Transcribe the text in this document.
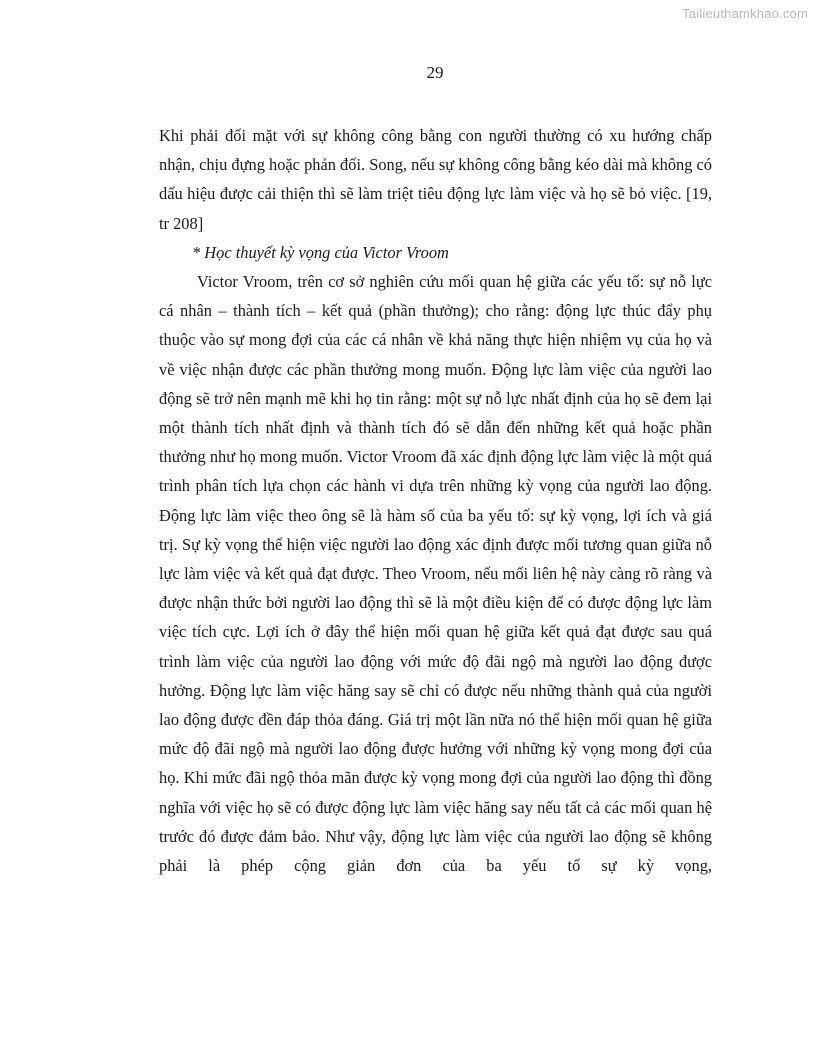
Tailieuthamkhao.com
29

Khi phải đối mặt với sự không công bằng con người thường có xu hướng chấp nhận, chịu đựng hoặc phản đối. Song, nếu sự không công bằng kéo dài mà không có dấu hiệu được cải thiện thì sẽ làm triệt tiêu động lực làm việc và họ sẽ bỏ việc. [19, tr 208]

* Học thuyết kỳ vọng của Victor Vroom

Victor Vroom, trên cơ sở nghiên cứu mối quan hệ giữa các yếu tố: sự nỗ lực cá nhân – thành tích – kết quả (phần thưởng); cho rằng: động lực thúc đẩy phụ thuộc vào sự mong đợi của các cá nhân về khả năng thực hiện nhiệm vụ của họ và về việc nhận được các phần thưởng mong muốn. Động lực làm việc của người lao động sẽ trở nên mạnh mẽ khi họ tin rằng: một sự nỗ lực nhất định của họ sẽ đem lại một thành tích nhất định và thành tích đó sẽ dẫn đến những kết quả hoặc phần thưởng như họ mong muốn. Victor Vroom đã xác định động lực làm việc là một quá trình phân tích lựa chọn các hành vi dựa trên những kỳ vọng của người lao động. Động lực làm việc theo ông sẽ là hàm số của ba yếu tố: sự kỳ vọng, lợi ích và giá trị. Sự kỳ vọng thể hiện việc người lao động xác định được mối tương quan giữa nỗ lực làm việc và kết quả đạt được. Theo Vroom, nếu mối liên hệ này càng rõ ràng và được nhận thức bởi người lao động thì sẽ là một điều kiện để có được động lực làm việc tích cực. Lợi ích ở đây thể hiện mối quan hệ giữa kết quả đạt được sau quá trình làm việc của người lao động với mức độ đãi ngộ mà người lao động được hưởng. Động lực làm việc hăng say sẽ chỉ có được nếu những thành quả của người lao động được đền đáp thỏa đáng. Giá trị một lần nữa nó thể hiện mối quan hệ giữa mức độ đãi ngộ mà người lao động được hưởng với những kỳ vọng mong đợi của họ. Khi mức đãi ngộ thỏa mãn được kỳ vọng mong đợi của người lao động thì đồng nghĩa với việc họ sẽ có được động lực làm việc hăng say nếu tất cả các mối quan hệ trước đó được đảm bảo. Như vậy, động lực làm việc của người lao động sẽ không phải là phép cộng giản đơn của ba yếu tố sự kỳ vọng,
